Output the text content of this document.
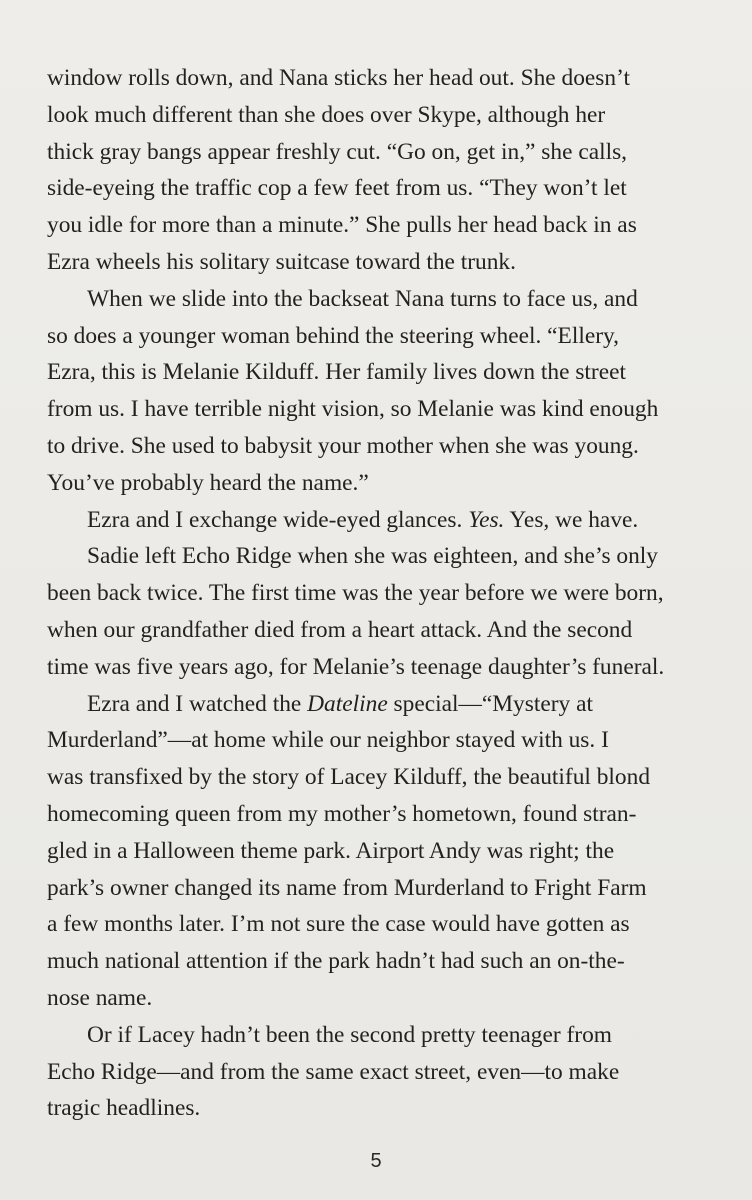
window rolls down, and Nana sticks her head out. She doesn’t
look much different than she does over Skype, although her
thick gray bangs appear freshly cut. “Go on, get in,” she calls,
side-eyeing the traffic cop a few feet from us. “They won’t let
you idle for more than a minute.” She pulls her head back in as
Ezra wheels his solitary suitcase toward the trunk.
When we slide into the backseat Nana turns to face us, and
so does a younger woman behind the steering wheel. “Ellery,
Ezra, this is Melanie Kilduff. Her family lives down the street
from us. I have terrible night vision, so Melanie was kind enough
to drive. She used to babysit your mother when she was young.
You’ve probably heard the name.”
Ezra and I exchange wide-eyed glances. Yes. Yes, we have.
Sadie left Echo Ridge when she was eighteen, and she’s only
been back twice. The first time was the year before we were born,
when our grandfather died from a heart attack. And the second
time was five years ago, for Melanie’s teenage daughter’s funeral.
Ezra and I watched the Dateline special—“Mystery at
Murderland”—at home while our neighbor stayed with us. I
was transfixed by the story of Lacey Kilduff, the beautiful blond
homecoming queen from my mother’s hometown, found stran-
gled in a Halloween theme park. Airport Andy was right; the
park’s owner changed its name from Murderland to Fright Farm
a few months later. I’m not sure the case would have gotten as
much national attention if the park hadn’t had such an on-the-
nose name.
Or if Lacey hadn’t been the second pretty teenager from
Echo Ridge—and from the same exact street, even—to make
tragic headlines.
5
